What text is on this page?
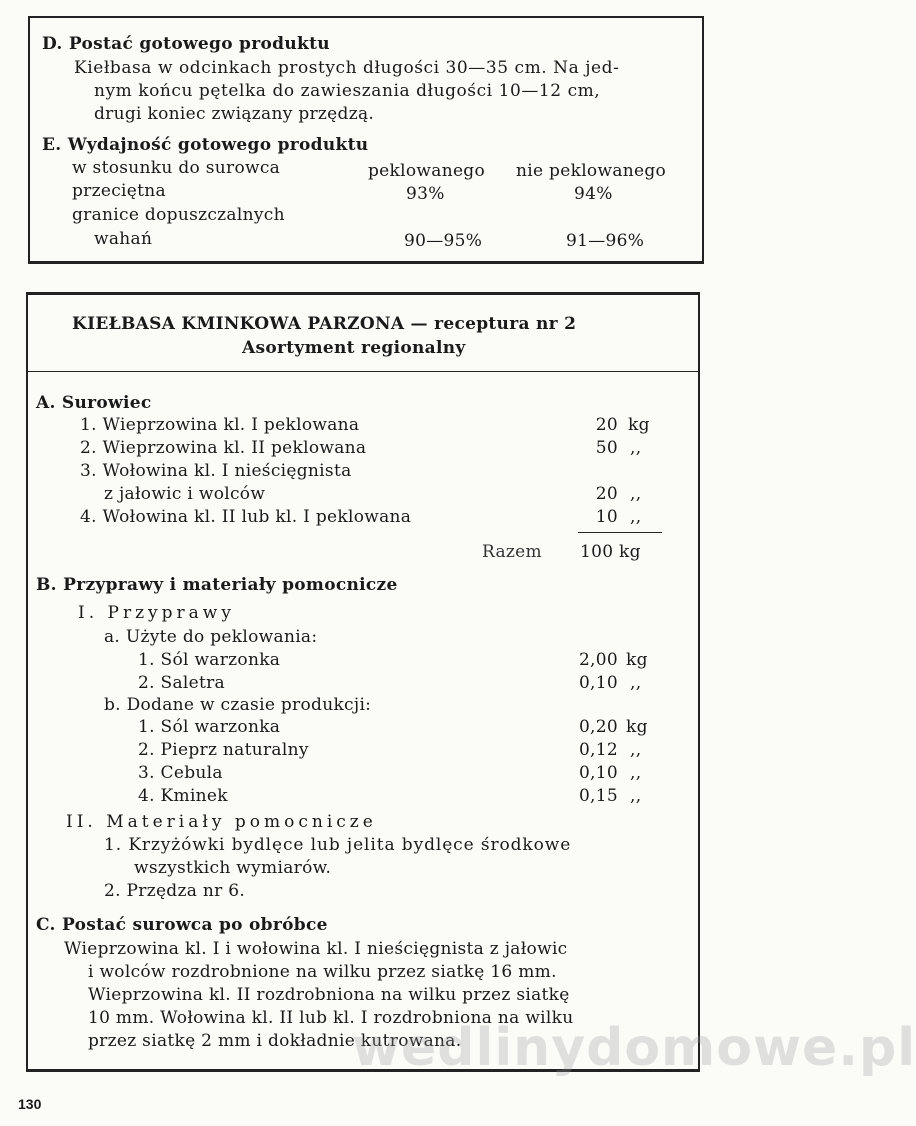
D. Postać gotowego produktu
Kiełbasa w odcinkach prostych długości 30—35 cm. Na jed-
nym końcu pętelka do zawieszania długości 10—12 cm,
drugi koniec związany przędzą.
E. Wydajność gotowego produktu
w stosunku do surowca	peklowanego nie peklowanego
przeciętna	93%	94%
granice dopuszczalnych
wahań	90—95%	91—96%
KIEŁBASA KMINKOWA PARZONA — receptura nr 2
Asortyment regionalny
A. Surowiec
1. Wieprzowina kl. I peklowana	20 kg
2. Wieprzowina kl. II peklowana	50 ,,
3. Wołowina kl. I nieścięgnista
z jałowic i wolców	20 ,,
4. Wołowina kl. II lub kl. I peklowana	10 ,,
Razem 100 kg
B. Przyprawy i materiały pomocnicze
I. Przyprawy
a. Użyte do peklowania:
1. Sól warzonka	2,00 kg
2. Saletra	0,10 ,,
b. Dodane w czasie produkcji:
1. Sól warzonka	0,20 kg
2. Pieprz naturalny	0,12 ,,
3. Cebula	0,10 ,,
4. Kminek	0,15 ,,
II. Materiały pomocnicze
1. Krzyżówki bydlęce lub jelita bydlęce środkowe
wszystkich wymiarów.
2. Przędza nr 6.
C. Postać surowca po obróbce
Wieprzowina kl. I i wołowina kl. I nieścięgnista z jałowic
i wolców rozdrobnione na wilku przez siatkę 16 mm.
Wieprzowina kl. II rozdrobniona na wilku przez siatkę
10 mm. Wołowina kl. II lub kl. I rozdrobniona na wilku
przez siatkę 2 mm i dokładnie kutrowana.
wedlinydomowe.pl
130
